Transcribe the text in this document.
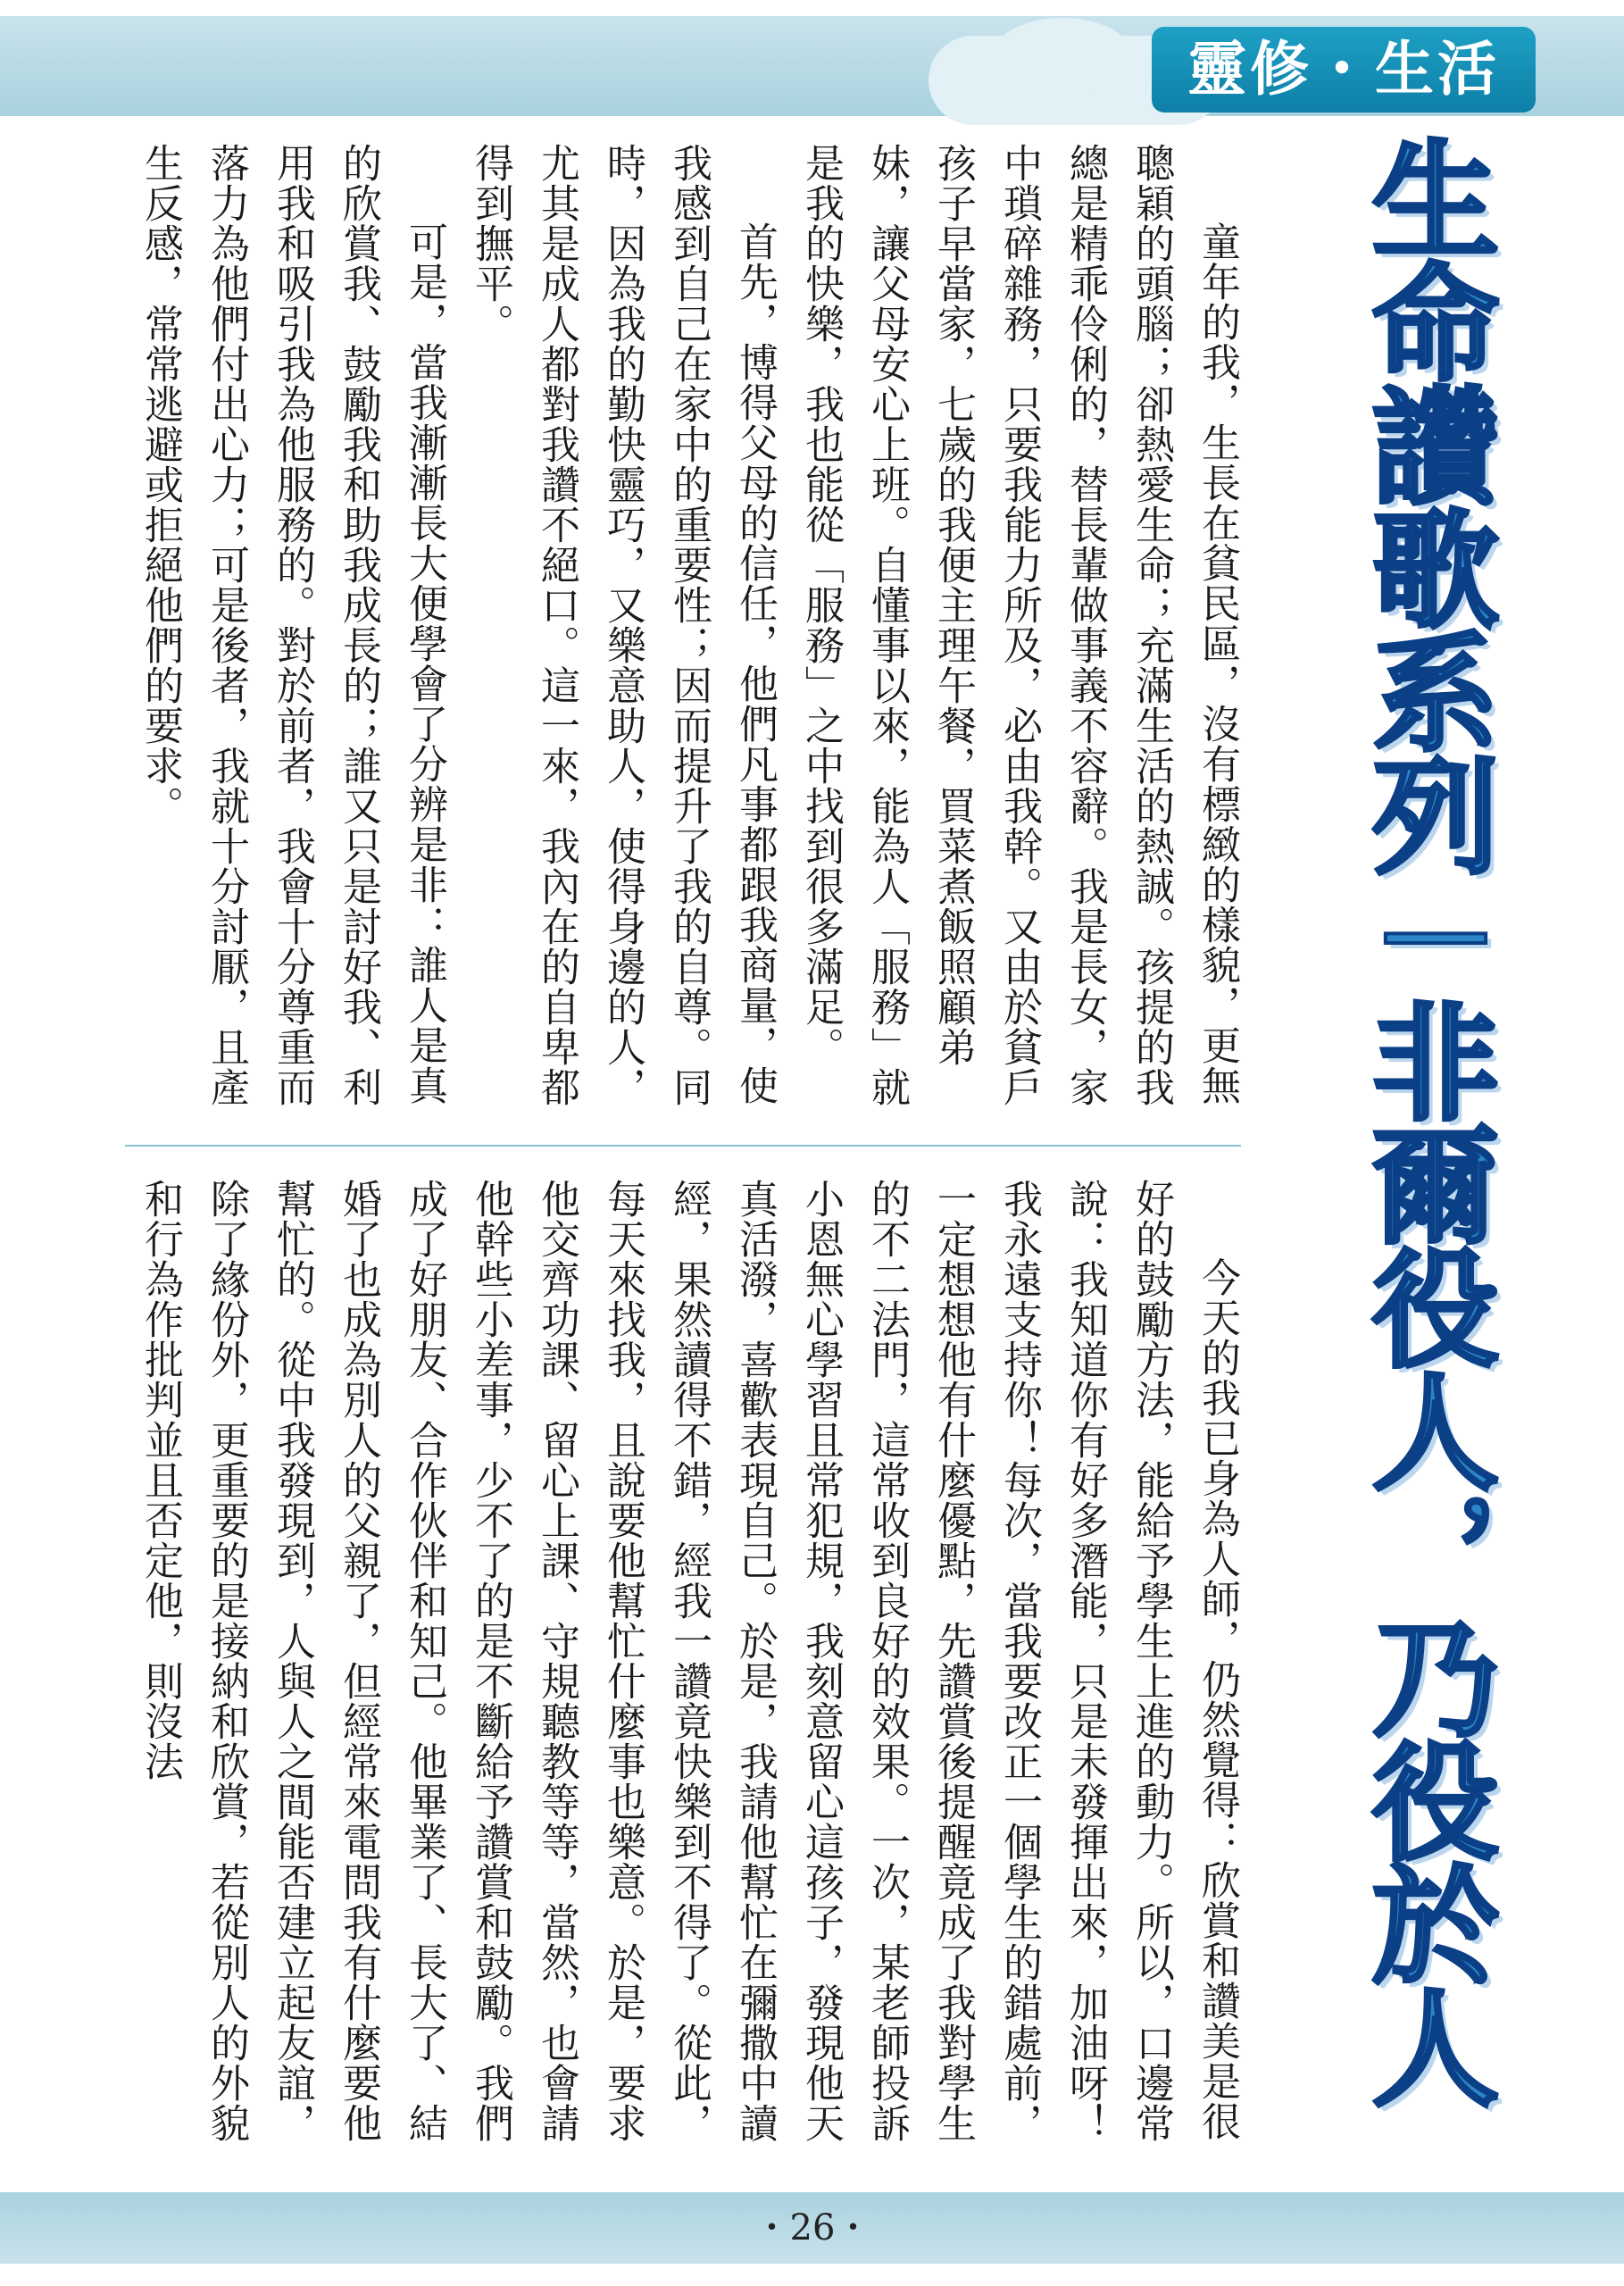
靈修・生活
生命讚歌系列－非爾役人，乃役於人

童年的我，生長在貧民區，沒有標緻的樣貌，更無聰穎的頭腦；卻熱愛生命；充滿生活的熱誠。孩提的我總是精乖伶俐的，替長輩做事義不容辭。我是長女，家中瑣碎雜務，只要我能力所及，必由我幹。又由於貧戶孩子早當家，七歲的我便主理午餐，買菜煮飯照顧弟妹，讓父母安心上班。自懂事以來，能為人「服務」就是我的快樂，我也能從「服務」之中找到很多滿足。

首先，博得父母的信任，他們凡事都跟我商量，使我感到自己在家中的重要性；因而提升了我的自尊。同時，因為我的勤快靈巧，又樂意助人，使得身邊的人，尤其是成人都對我讚不絕口。這一來，我內在的自卑都得到撫平。

可是，當我漸漸長大便學會了分辨是非：誰人是真的欣賞我、鼓勵我和助我成長的；誰又只是討好我、利用我和吸引我為他服務的。對於前者，我會十分尊重而落力為他們付出心力；可是後者，我就十分討厭，且產生反感，常常逃避或拒絕他們的要求。

今天的我已身為人師，仍然覺得：欣賞和讚美是很好的鼓勵方法，能給予學生上進的動力。所以，口邊常說：我知道你有好多潛能，只是未發揮出來，加油呀！我永遠支持你！每次，當我要改正一個學生的錯處前，一定想想他有什麼優點，先讚賞後提醒竟成了我對學生的不二法門，這常收到良好的效果。一次，某老師投訴小恩無心學習且常犯規，我刻意留心這孩子，發現他天真活潑，喜歡表現自己。於是，我請他幫忙在彌撒中讀經，果然讀得不錯，經我一讚竟快樂到不得了。從此，每天來找我，且說要他幫忙什麼事也樂意。於是，要求他交齊功課、留心上課、守規聽教等等，當然，也會請他幹些小差事，少不了的是不斷給予讚賞和鼓勵。我們成了好朋友、合作伙伴和知己。他畢業了、長大了、結婚了也成為別人的父親了，但經常來電問我有什麼要他幫忙的。從中我發現到，人與人之間能否建立起友誼，除了緣份外，更重要的是接納和欣賞，若從別人的外貌和行為作批判並且否定他，則沒法

・26・
